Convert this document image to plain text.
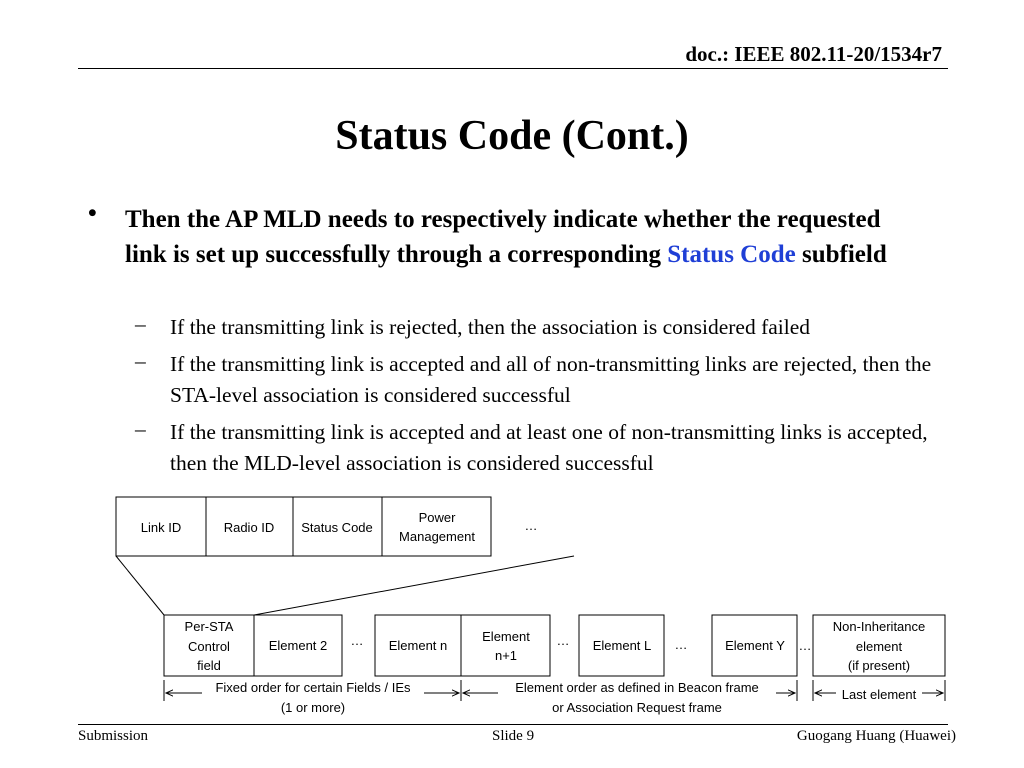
doc.: IEEE 802.11-20/1534r7
Status Code (Cont.)
• Then the AP MLD needs to respectively indicate whether the requested link is set up successfully through a corresponding Status Code subfield
– If the transmitting link is rejected, then the association is considered failed
– If the transmitting link is accepted and all of non-transmitting links are rejected, then the STA-level association is considered successful
– If the transmitting link is accepted and at least one of non-transmitting links is accepted, then the MLD-level association is considered successful
Link ID	Radio ID Status Code
Power
Management
…
Per-STA
Control
field
Element 2 … Element n
Element
n+1
… Element L …	Element Y …
Non-Inheritance
element
(if present)
Fixed order for certain Fields / IEs
(1 or more)
Element order as defined in Beacon frame
or Association Request frame
Last element
Submission	Slide 9	Guogang Huang (Huawei)
